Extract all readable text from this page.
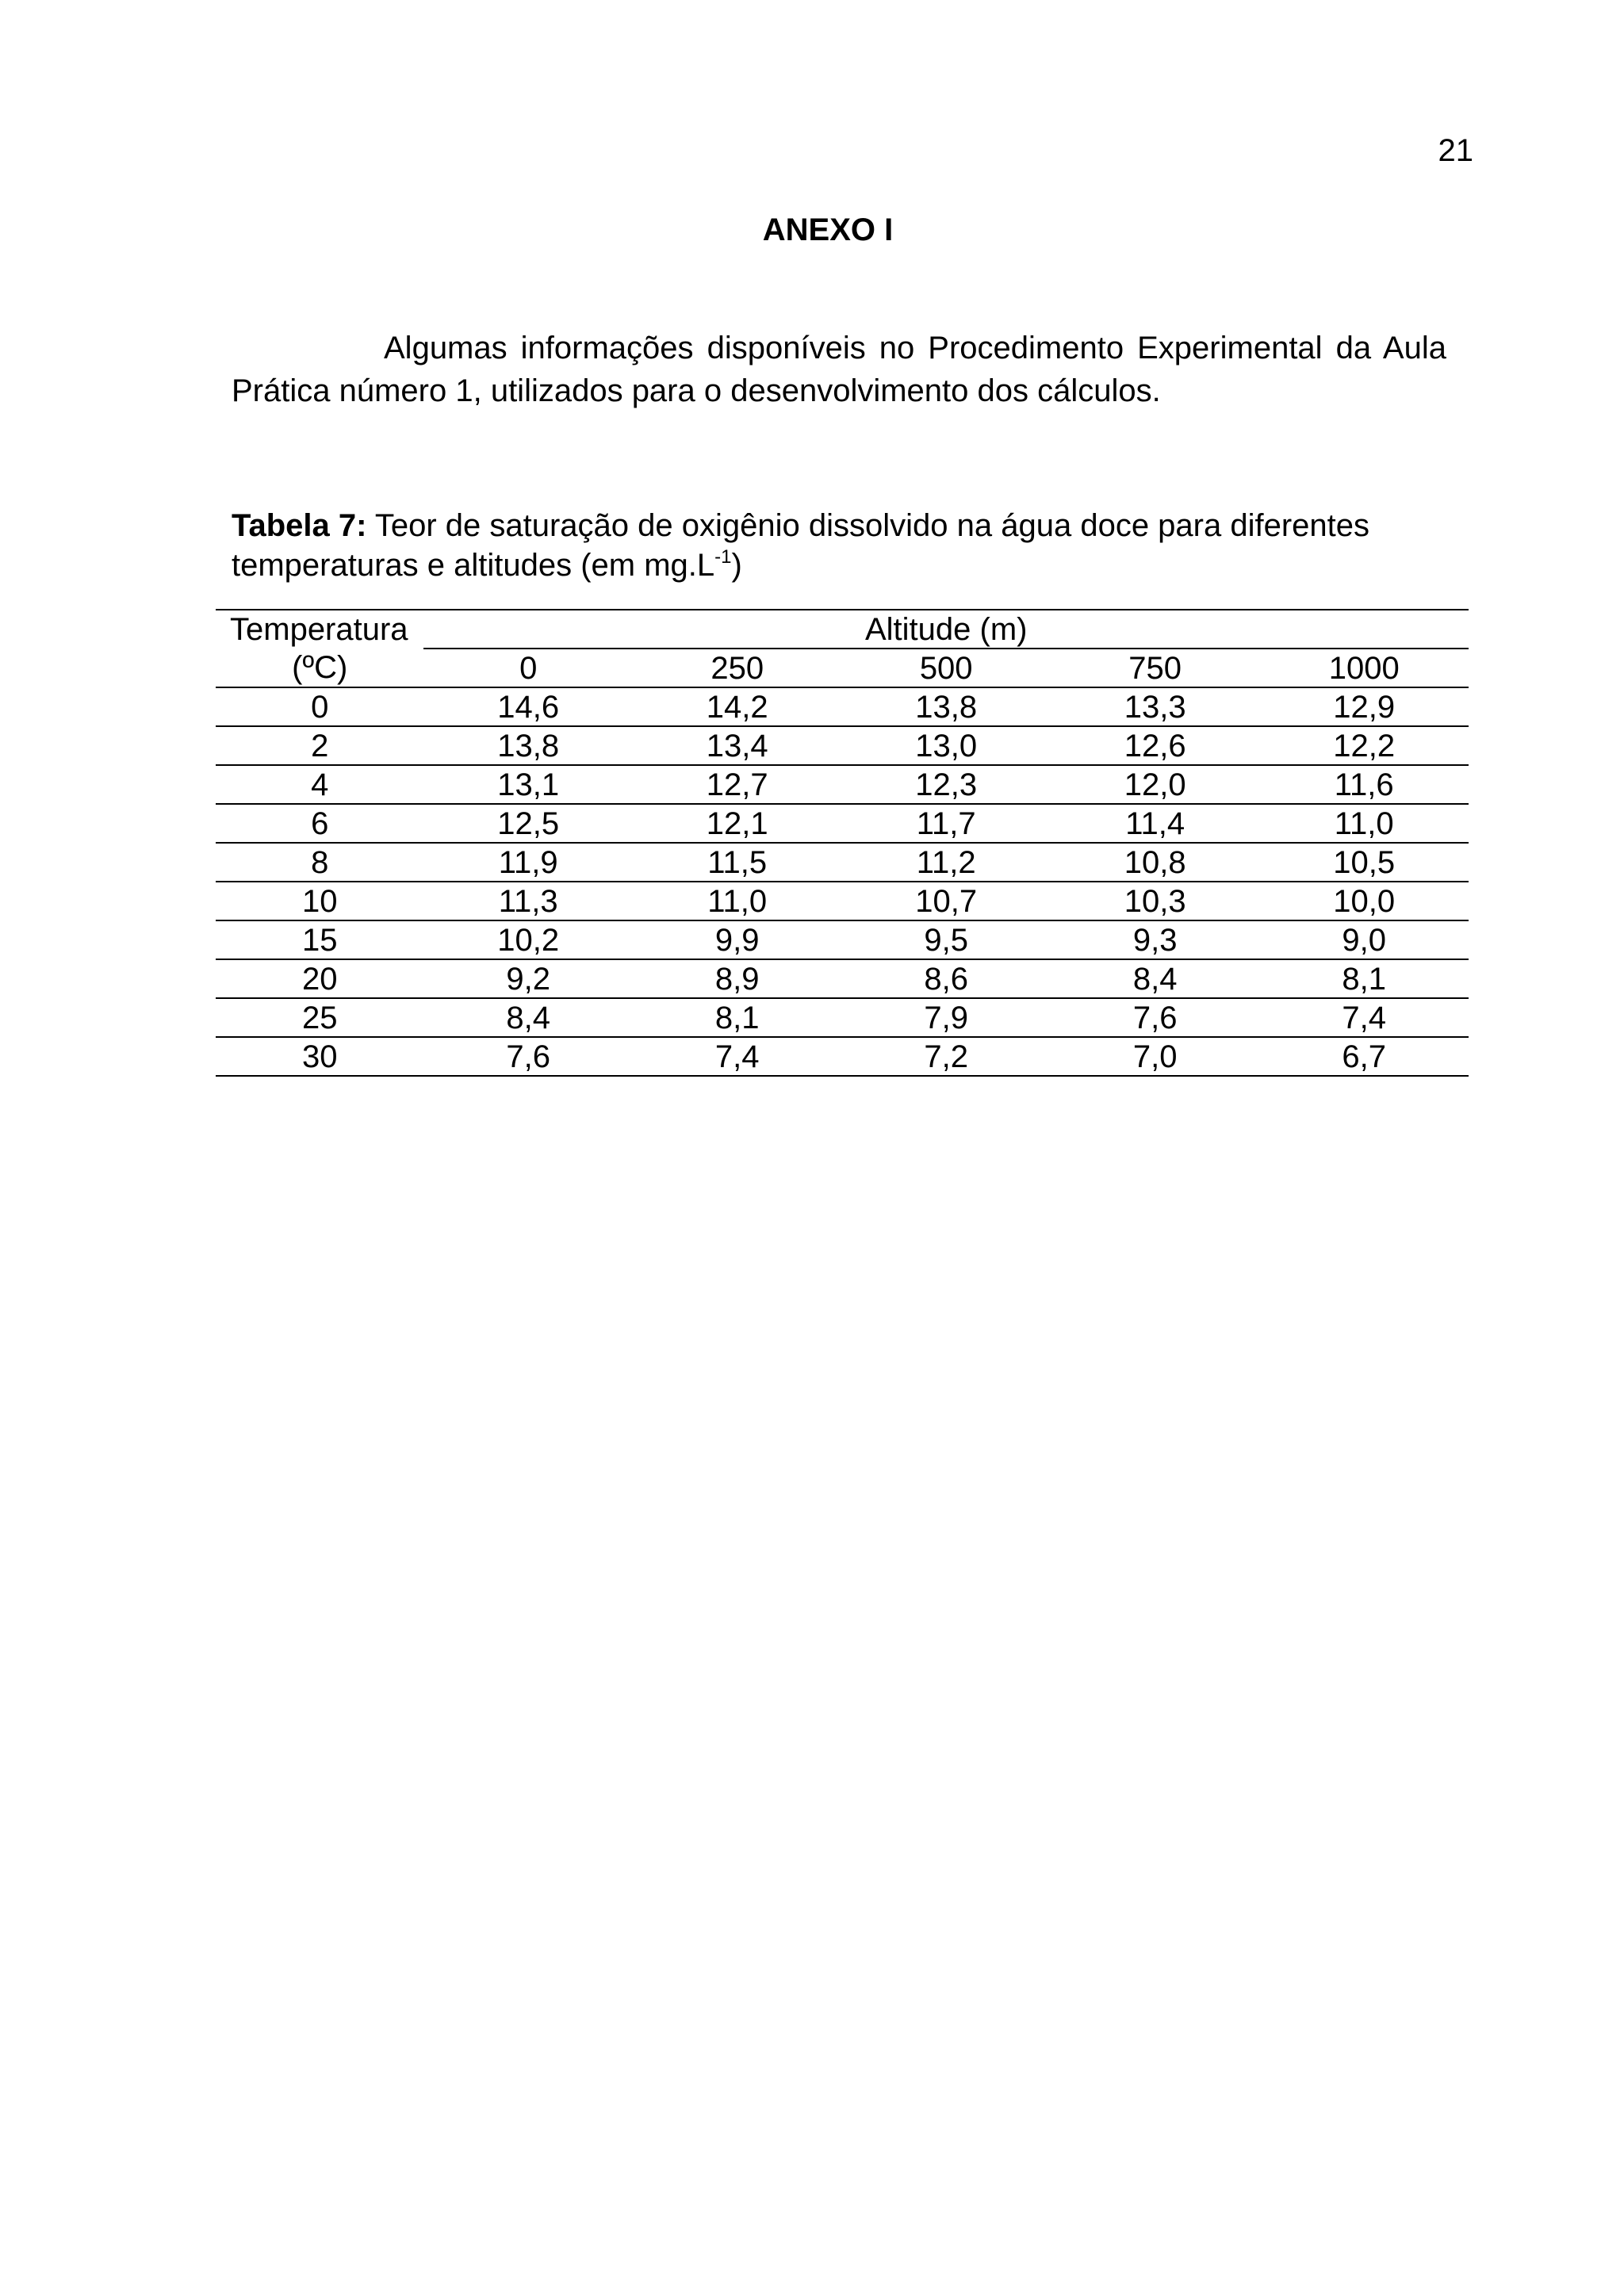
21
ANEXO I

Algumas informações disponíveis no Procedimento Experimental da Aula Prática número 1, utilizados para o desenvolvimento dos cálculos.

Tabela 7: Teor de saturação de oxigênio dissolvido na água doce para diferentes temperaturas e altitudes (em $mg.L^{-1}$)

Temperatura	Altitude (m)				
(ºC)	0	250	500	750	1000
0	14,6	14,2	13,8	13,3	12,9
2	13,8	13,4	13,0	12,6	12,2
4	13,1	12,7	12,3	12,0	11,6
6	12,5	12,1	11,7	11,4	11,0
8	11,9	11,5	11,2	10,8	10,5
10	11,3	11,0	10,7	10,3	10,0
15	10,2	9,9	9,5	9,3	9,0
20	9,2	8,9	8,6	8,4	8,1
25	8,4	8,1	7,9	7,6	7,4
30	7,6	7,4	7,2	7,0	6,7
